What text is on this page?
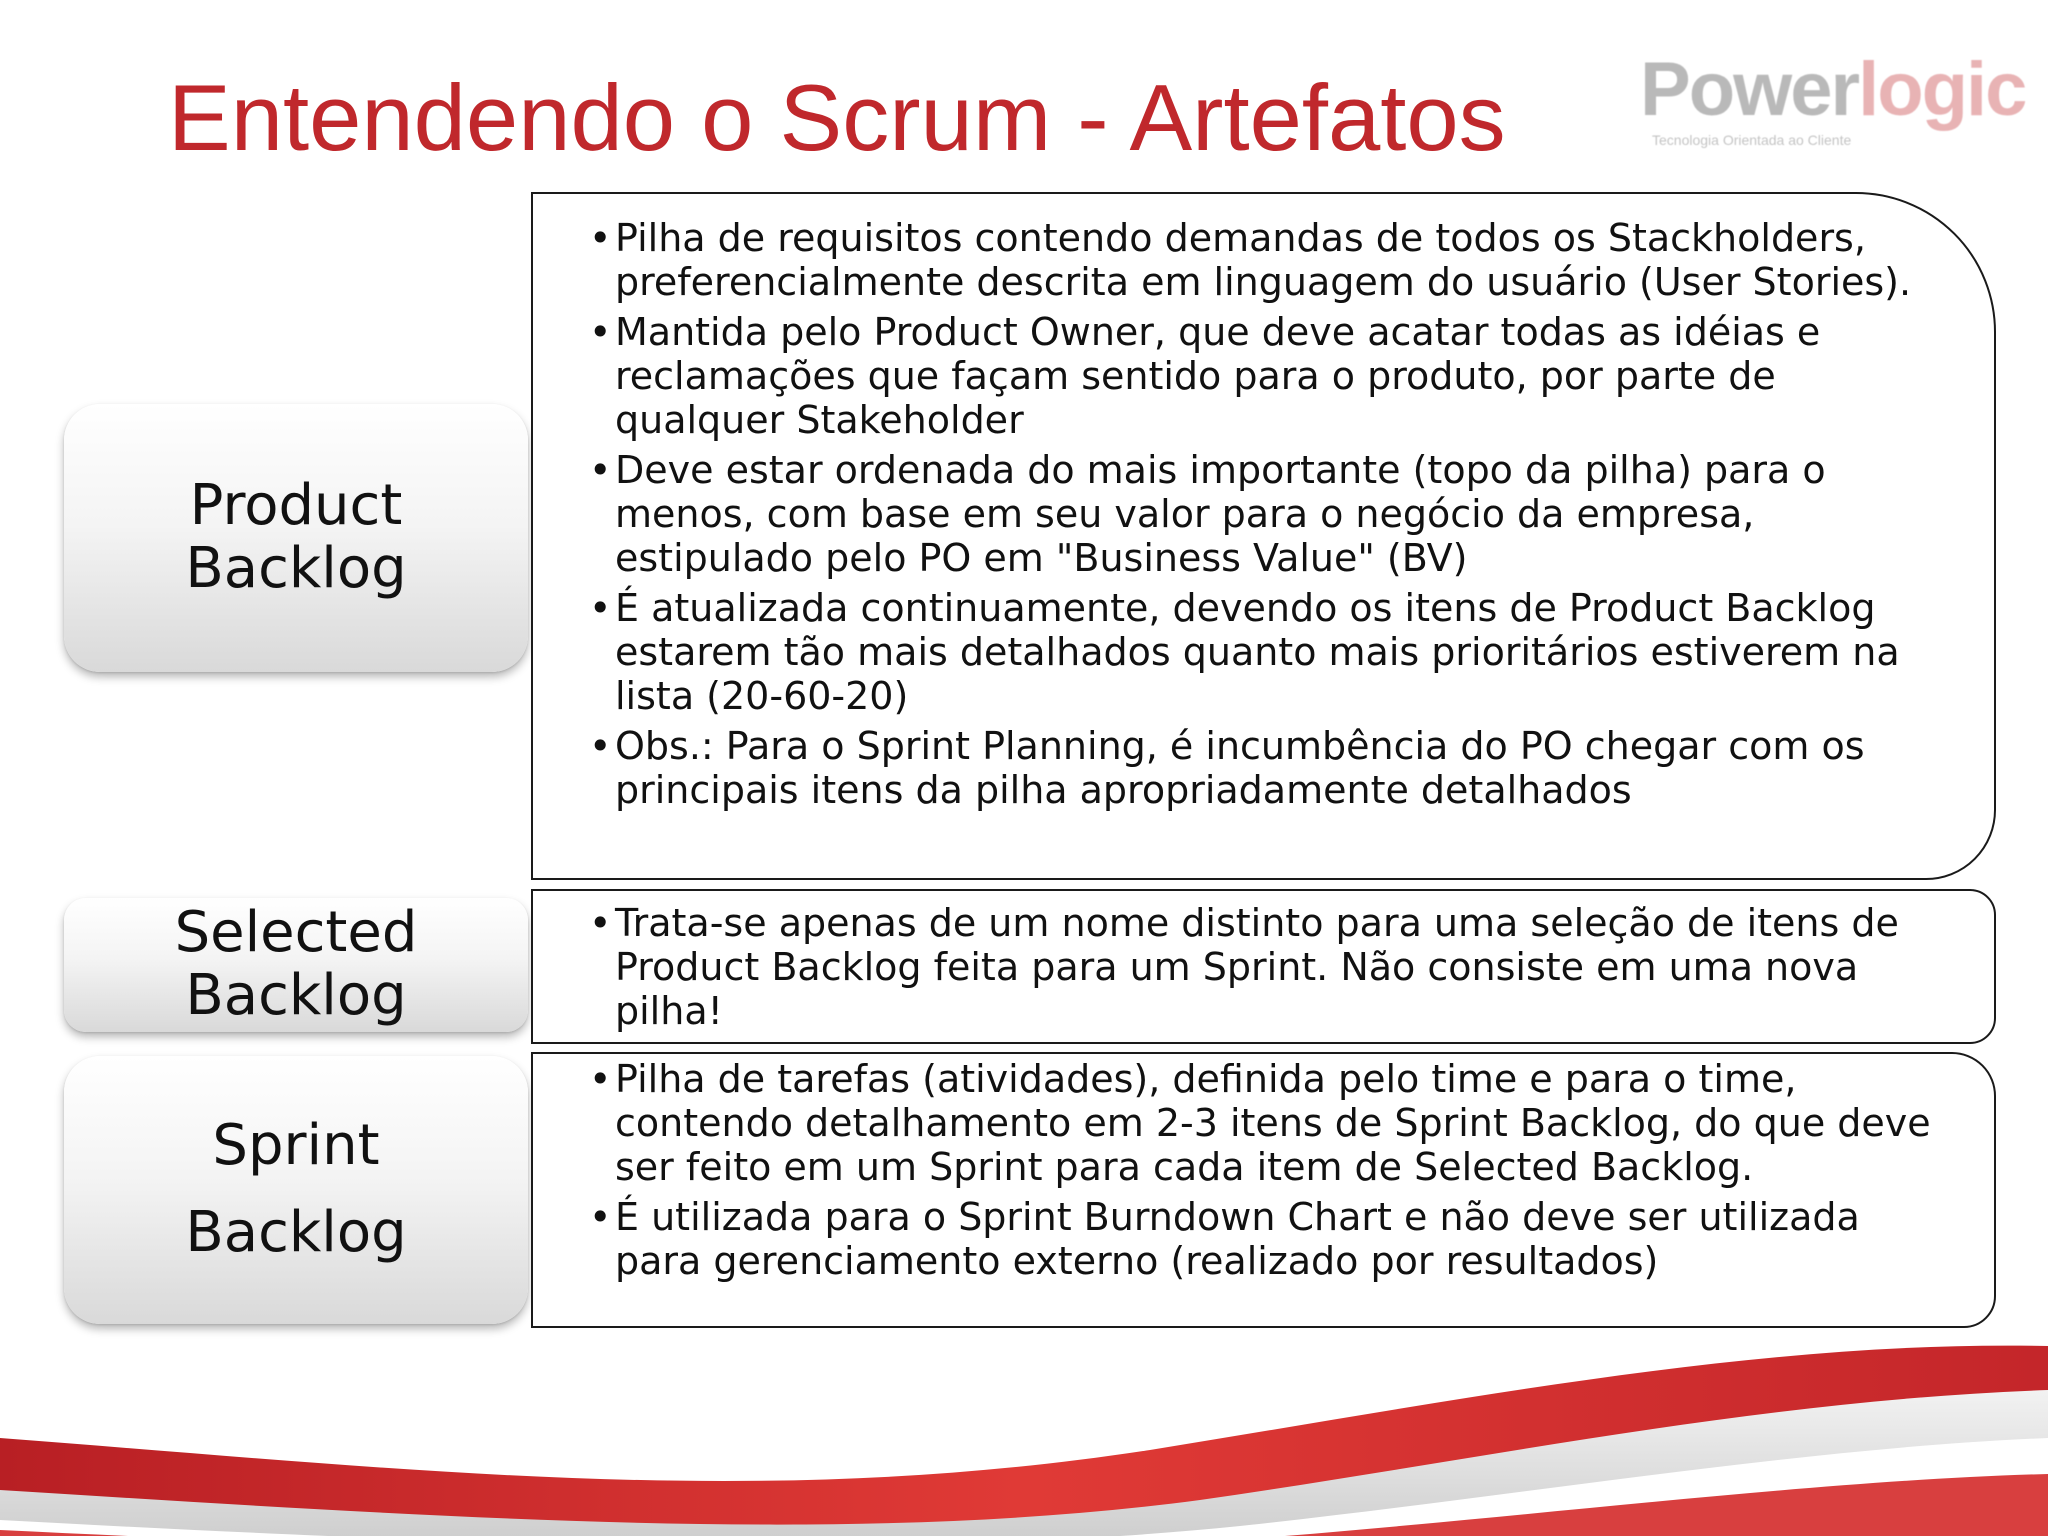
Entendendo o Scrum - Artefatos Powerlogic
Tecnologia Orientada ao Cliente
Product
Backlog
• Pilha de requisitos contendo demandas de todos os Stackholders, preferencialmente descrita em linguagem do usuário (User Stories).
• Mantida pelo Product Owner, que deve acatar todas as idéias e reclamações que façam sentido para o produto, por parte de qualquer Stakeholder
• Deve estar ordenada do mais importante (topo da pilha) para o menos, com base em seu valor para o negócio da empresa, estipulado pelo PO em "Business Value" (BV)
• É atualizada continuamente, devendo os itens de Product Backlog estarem tão mais detalhados quanto mais prioritários estiverem na lista (20-60-20)
• Obs.: Para o Sprint Planning, é incumbência do PO chegar com os principais itens da pilha apropriadamente detalhados
Selected
Backlog
• Trata-se apenas de um nome distinto para uma seleção de itens de Product Backlog feita para um Sprint. Não consiste em uma nova pilha!
Sprint
Backlog
• Pilha de tarefas (atividades), definida pelo time e para o time, contendo detalhamento em 2-3 itens de Sprint Backlog, do que deve ser feito em um Sprint para cada item de Selected Backlog.
• É utilizada para o Sprint Burndown Chart e não deve ser utilizada para gerenciamento externo (realizado por resultados)
